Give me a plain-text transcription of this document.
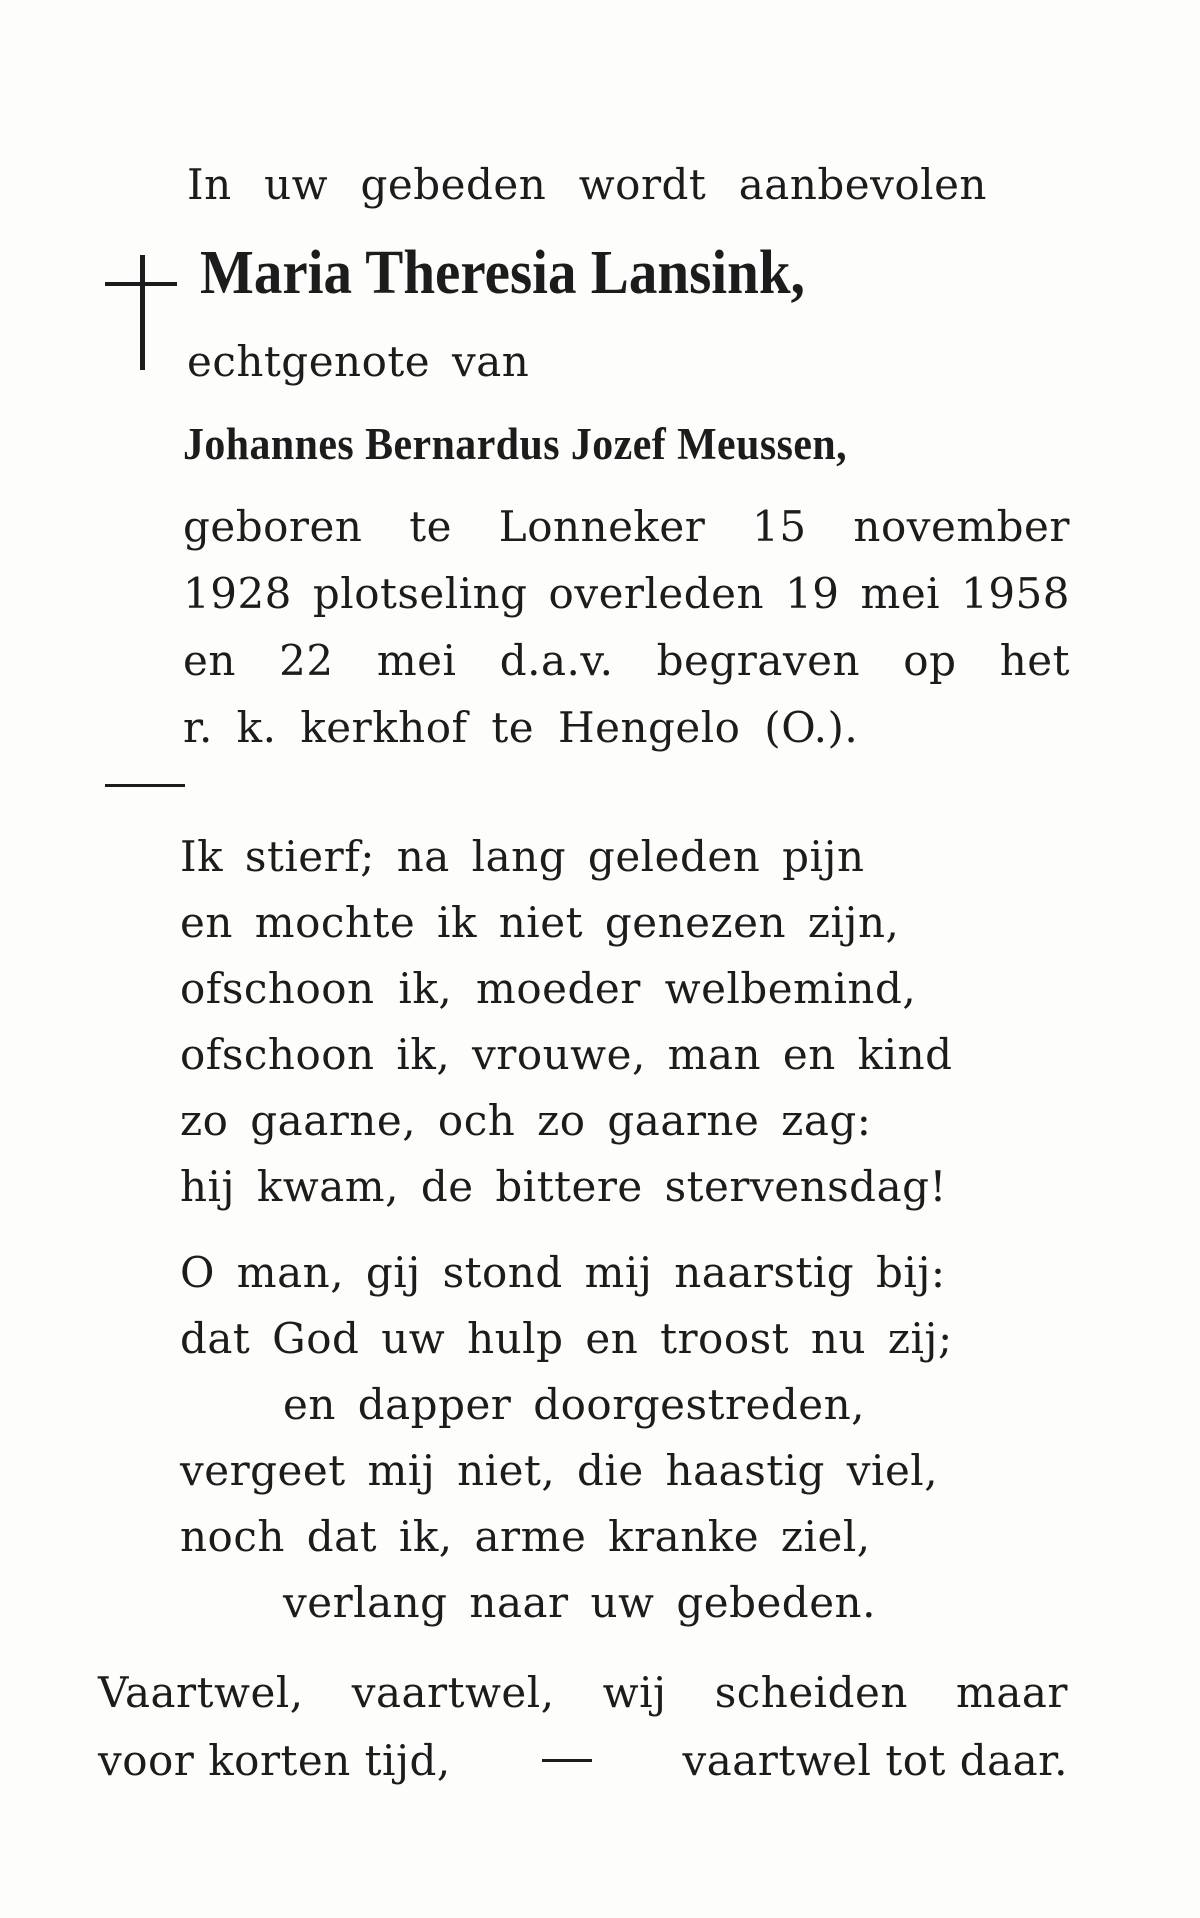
In uw gebeden wordt aanbevolen
Maria Theresia Lansink,
echtgenote van
Johannes Bernardus Jozef Meussen,
geboren te Lonneker 15 november
1928 plotseling overleden 19 mei 1958
en 22 mei d.a.v. begraven op het
r. k. kerkhof te Hengelo (O.).
Ik stierf; na lang geleden pijn
en mochte ik niet genezen zijn,
ofschoon ik, moeder welbemind,
ofschoon ik, vrouwe, man en kind
zo gaarne, och zo gaarne zag:
hij kwam, de bittere stervensdag!
O man, gij stond mij naarstig bij:
dat God uw hulp en troost nu zij;
en dapper doorgestreden,
vergeet mij niet, die haastig viel,
noch dat ik, arme kranke ziel,
verlang naar uw gebeden.
Vaartwel, vaartwel, wij scheiden maar
voor korten tijd,	vaartwel tot daar.
